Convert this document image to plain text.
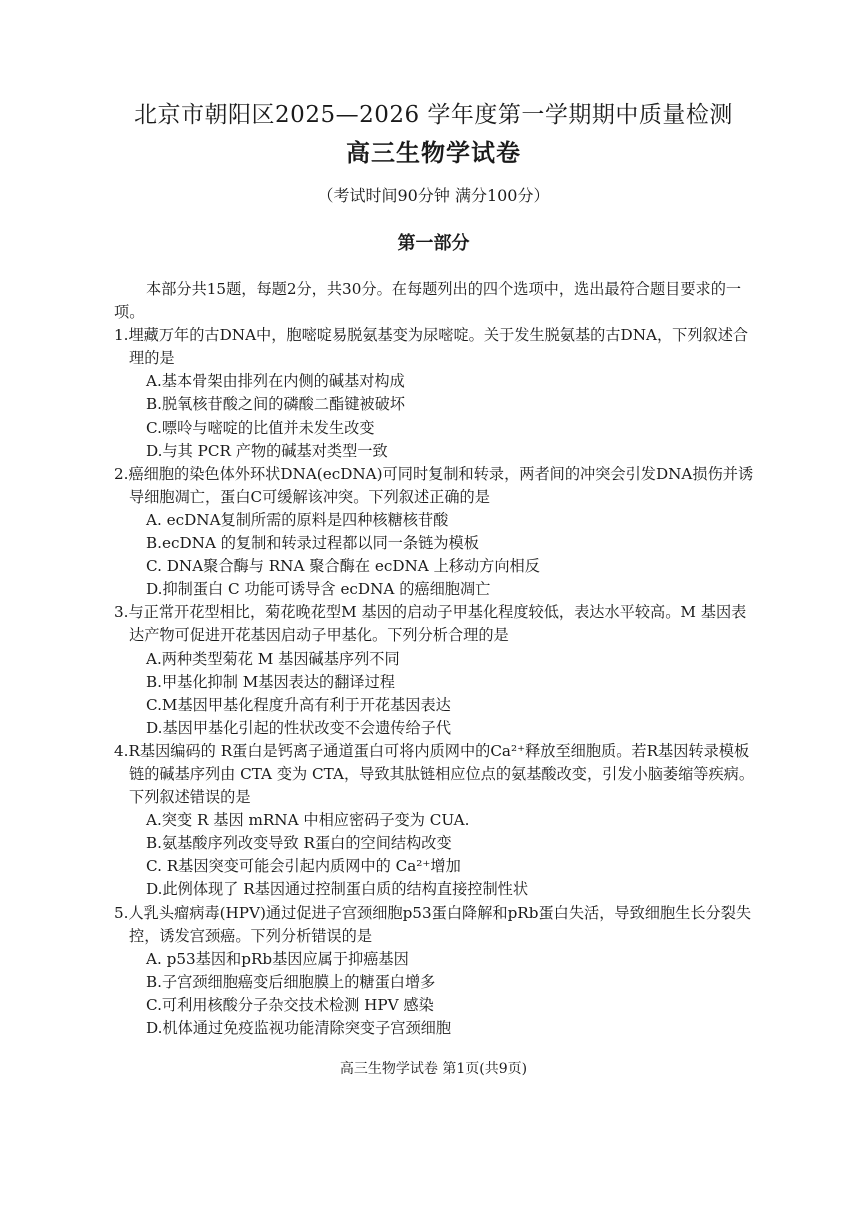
北京市朝阳区2025—2026 学年度第一学期期中质量检测
高三生物学试卷
（考试时间90分钟 满分100分）
第一部分

本部分共15题，每题2分，共30分。在每题列出的四个选项中，选出最符合题目要求的一项。

1.埋藏万年的古DNA中，胞嘧啶易脱氨基变为尿嘧啶。关于发生脱氨基的古DNA，下列叙述合理的是
A.基本骨架由排列在内侧的碱基对构成
B.脱氧核苷酸之间的磷酸二酯键被破坏
C.嘌呤与嘧啶的比值并未发生改变
D.与其 PCR 产物的碱基对类型一致
2.癌细胞的染色体外环状DNA(ecDNA)可同时复制和转录，两者间的冲突会引发DNA损伤并诱导细胞凋亡，蛋白C可缓解该冲突。下列叙述正确的是
A. ecDNA复制所需的原料是四种核糖核苷酸
B.ecDNA 的复制和转录过程都以同一条链为模板
C. DNA聚合酶与 RNA 聚合酶在 ecDNA 上移动方向相反
D.抑制蛋白 C 功能可诱导含 ecDNA 的癌细胞凋亡
3.与正常开花型相比，菊花晚花型M 基因的启动子甲基化程度较低，表达水平较高。M 基因表达产物可促进开花基因启动子甲基化。下列分析合理的是
A.两种类型菊花 M 基因碱基序列不同
B.甲基化抑制 M基因表达的翻译过程
C.M基因甲基化程度升高有利于开花基因表达
D.基因甲基化引起的性状改变不会遗传给子代
4.R基因编码的 R蛋白是钙离子通道蛋白可将内质网中的Ca²⁺释放至细胞质。若R基因转录模板链的碱基序列由 CTA 变为 CTA，导致其肽链相应位点的氨基酸改变，引发小脑萎缩等疾病。下列叙述错误的是
A.突变 R 基因 mRNA 中相应密码子变为 CUA.
B.氨基酸序列改变导致 R蛋白的空间结构改变
C. R基因突变可能会引起内质网中的 Ca²⁺增加
D.此例体现了 R基因通过控制蛋白质的结构直接控制性状
5.人乳头瘤病毒(HPV)通过促进子宫颈细胞p53蛋白降解和pRb蛋白失活，导致细胞生长分裂失控，诱发宫颈癌。下列分析错误的是
A. p53基因和pRb基因应属于抑癌基因
B.子宫颈细胞癌变后细胞膜上的糖蛋白增多
C.可利用核酸分子杂交技术检测 HPV 感染
D.机体通过免疫监视功能清除突变子宫颈细胞
高三生物学试卷 第1页(共9页)
